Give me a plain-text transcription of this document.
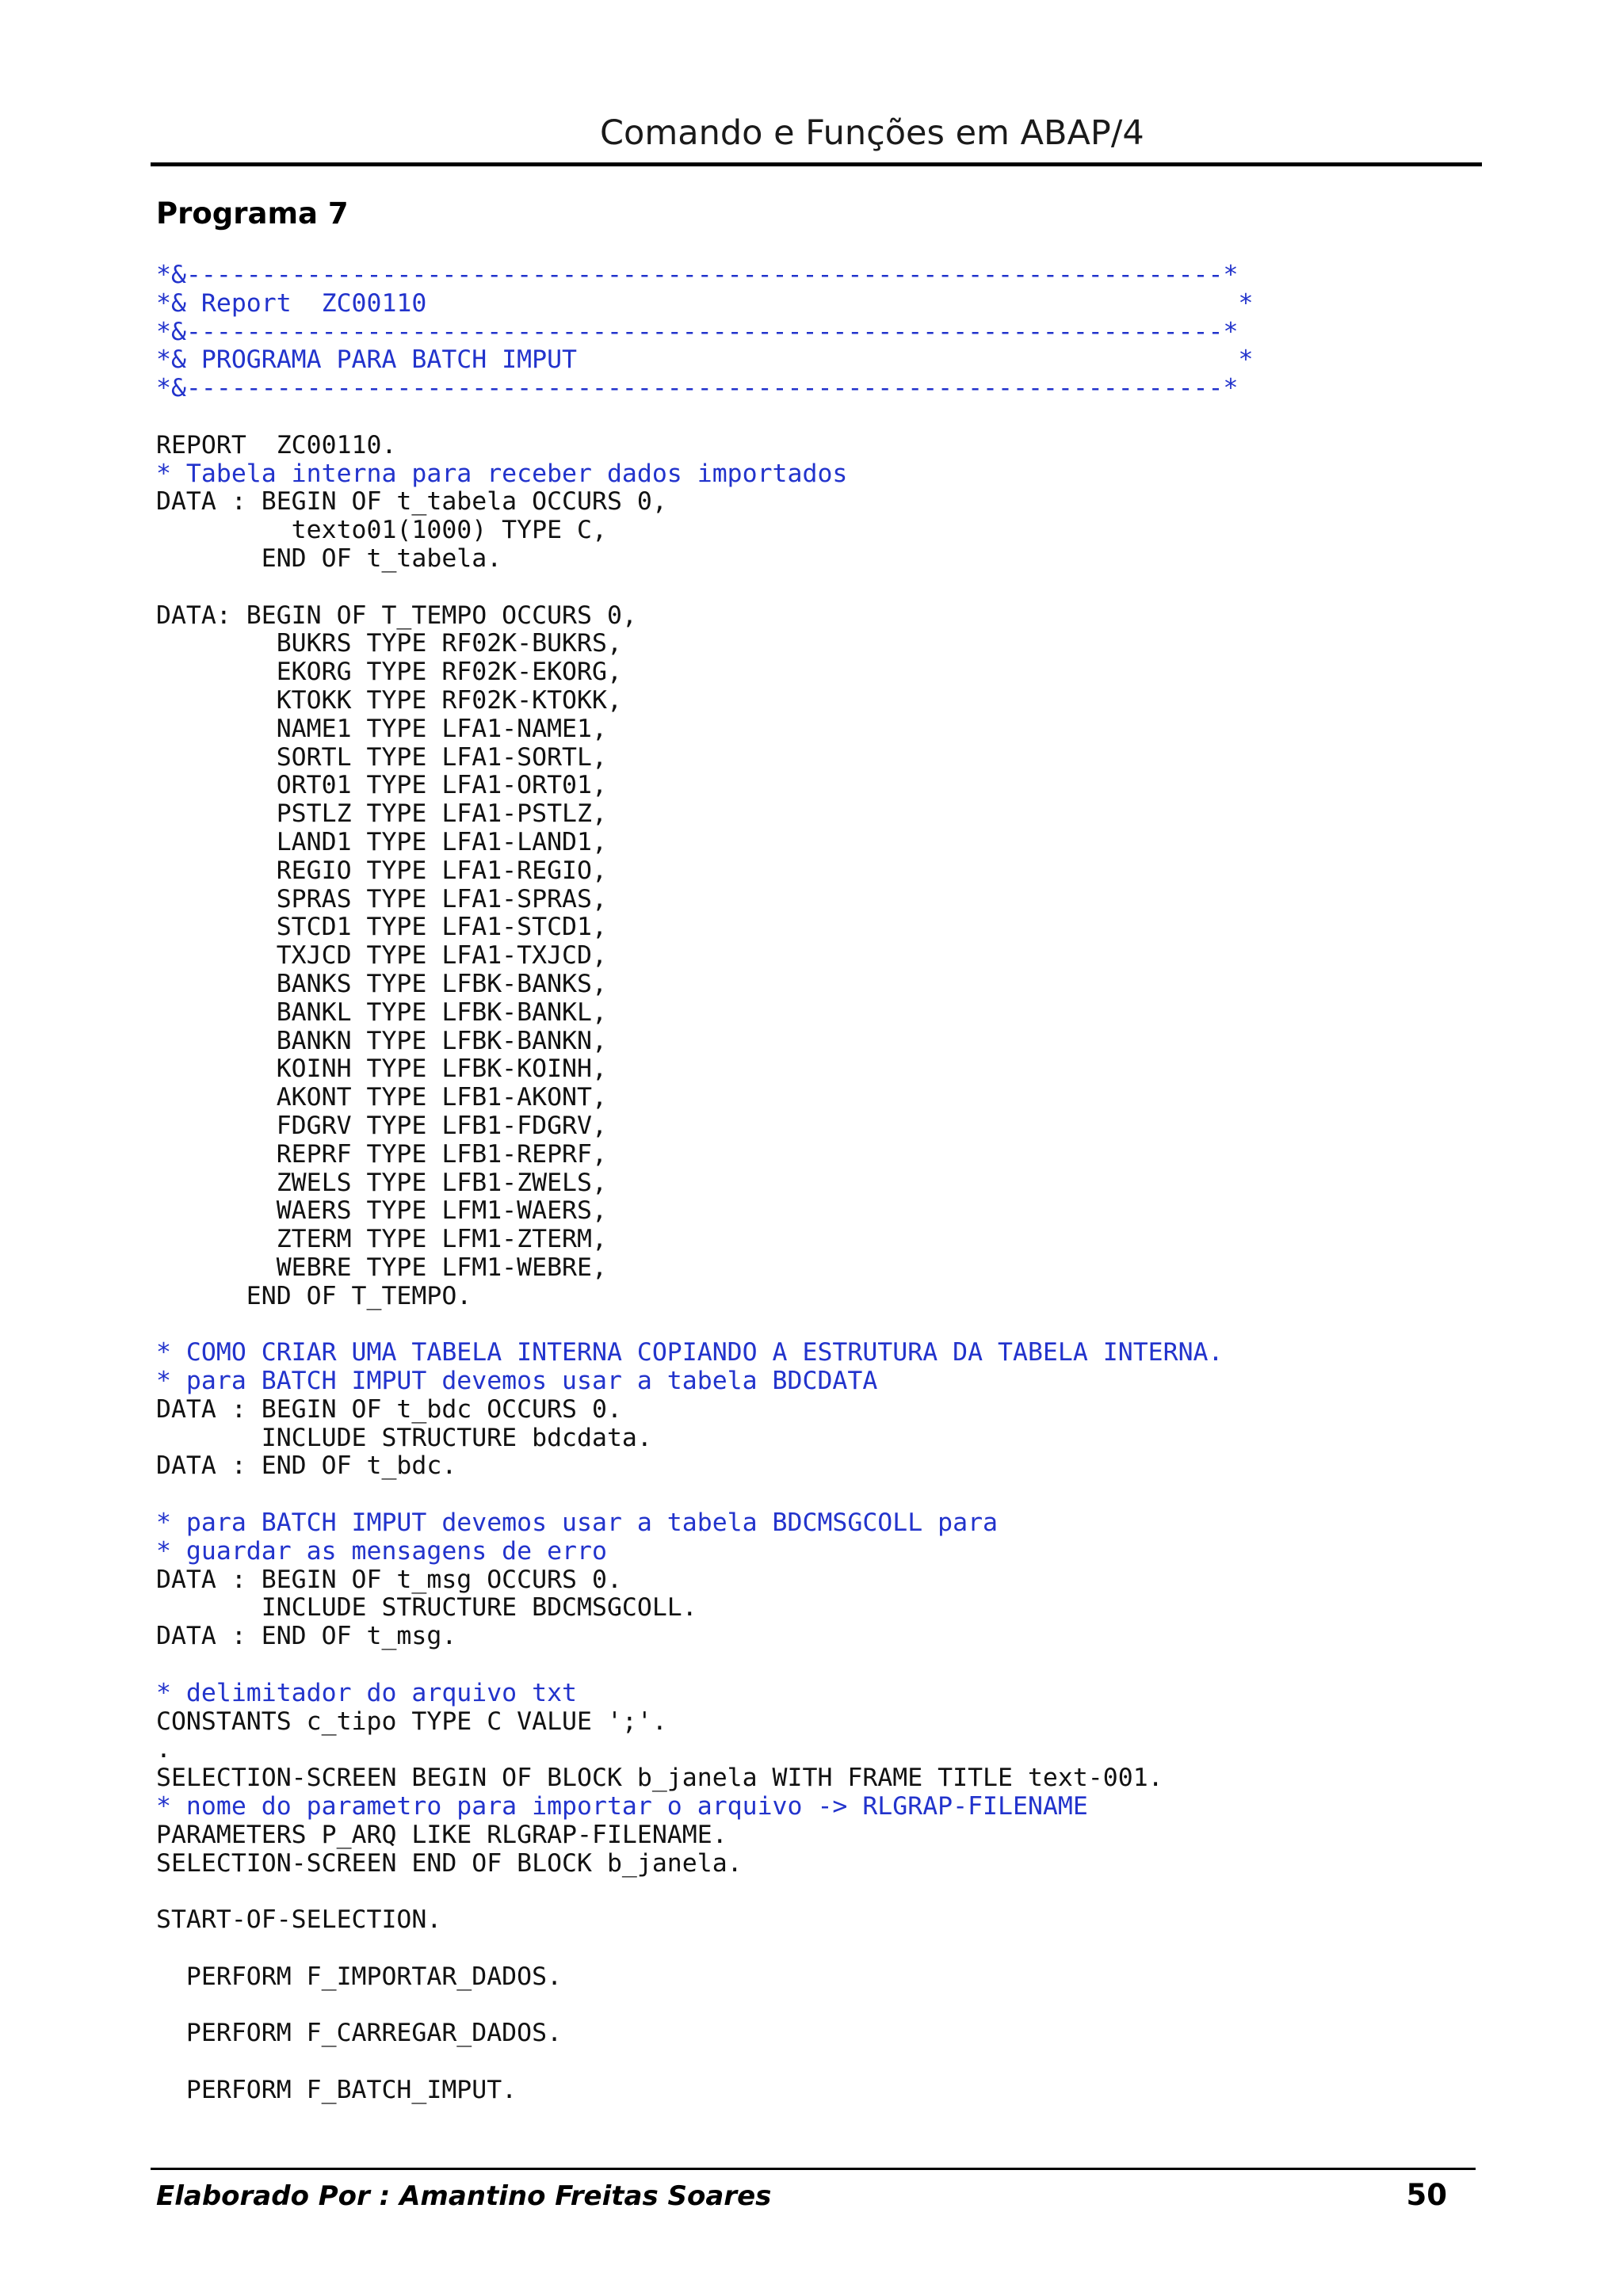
Comando e Funções em ABAP/4
Programa 7
*&---------------------------------------------------------------------*
*& Report  ZC00110                                                      *
*&---------------------------------------------------------------------*
*& PROGRAMA PARA BATCH IMPUT                                            *
*&---------------------------------------------------------------------*
REPORT  ZC00110.
* Tabela interna para receber dados importados
DATA : BEGIN OF t_tabela OCCURS 0,
texto01(1000) TYPE C,
END OF t_tabela.
DATA: BEGIN OF T_TEMPO OCCURS 0,
BUKRS TYPE RF02K-BUKRS,
EKORG TYPE RF02K-EKORG,
KTOKK TYPE RF02K-KTOKK,
NAME1 TYPE LFA1-NAME1,
SORTL TYPE LFA1-SORTL,
ORT01 TYPE LFA1-ORT01,
PSTLZ TYPE LFA1-PSTLZ,
LAND1 TYPE LFA1-LAND1,
REGIO TYPE LFA1-REGIO,
SPRAS TYPE LFA1-SPRAS,
STCD1 TYPE LFA1-STCD1,
TXJCD TYPE LFA1-TXJCD,
BANKS TYPE LFBK-BANKS,
BANKL TYPE LFBK-BANKL,
BANKN TYPE LFBK-BANKN,
KOINH TYPE LFBK-KOINH,
AKONT TYPE LFB1-AKONT,
FDGRV TYPE LFB1-FDGRV,
REPRF TYPE LFB1-REPRF,
ZWELS TYPE LFB1-ZWELS,
WAERS TYPE LFM1-WAERS,
ZTERM TYPE LFM1-ZTERM,
WEBRE TYPE LFM1-WEBRE,
END OF T_TEMPO.
* COMO CRIAR UMA TABELA INTERNA COPIANDO A ESTRUTURA DA TABELA INTERNA.
* para BATCH IMPUT devemos usar a tabela BDCDATA
DATA : BEGIN OF t_bdc OCCURS 0.
INCLUDE STRUCTURE bdcdata.
DATA : END OF t_bdc.
* para BATCH IMPUT devemos usar a tabela BDCMSGCOLL para
* guardar as mensagens de erro
DATA : BEGIN OF t_msg OCCURS 0.
INCLUDE STRUCTURE BDCMSGCOLL.
DATA : END OF t_msg.
* delimitador do arquivo txt
CONSTANTS c_tipo TYPE C VALUE ';'.
.
SELECTION-SCREEN BEGIN OF BLOCK b_janela WITH FRAME TITLE text-001.
* nome do parametro para importar o arquivo -> RLGRAP-FILENAME
PARAMETERS P_ARQ LIKE RLGRAP-FILENAME.
SELECTION-SCREEN END OF BLOCK b_janela.
START-OF-SELECTION.
PERFORM F_IMPORTAR_DADOS.
PERFORM F_CARREGAR_DADOS.
PERFORM F_BATCH_IMPUT.
Elaborado Por : Amantino Freitas Soares	50
